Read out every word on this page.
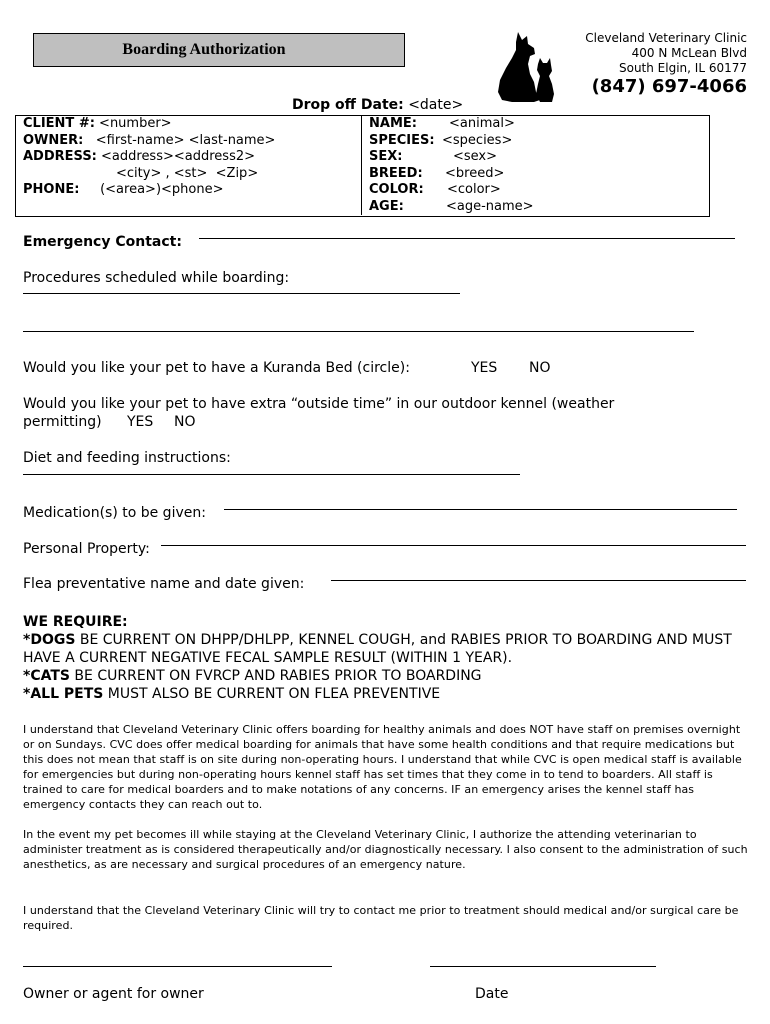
Boarding Authorization
Cleveland Veterinary Clinic
400 N McLean Blvd
South Elgin, IL 60177
(847) 697-4066
Drop off Date: <date>
CLIENT #: <number>
OWNER: <first-name> <last-name>
ADDRESS: <address><address2>
<city> , <st>  <Zip>
PHONE: (<area>)<phone>
NAME: <animal>
SPECIES: <species>
SEX:	<sex>
BREED: <breed>
COLOR: <color>
AGE:	<age-name>
Emergency Contact:
Procedures scheduled while boarding:
Would you like your pet to have a Kuranda Bed (circle):	YES NO
Would you like your pet to have extra “outside time” in our outdoor kennel (weather
permitting) YES NO
Diet and feeding instructions:
Medication(s) to be given:
Personal Property:
Flea preventative name and date given:
WE REQUIRE:
*DOGS BE CURRENT ON DHPP/DHLPP, KENNEL COUGH, and RABIES PRIOR TO BOARDING AND MUST HAVE A CURRENT NEGATIVE FECAL SAMPLE RESULT (WITHIN 1 YEAR).
*CATS BE CURRENT ON FVRCP AND RABIES PRIOR TO BOARDING
*ALL PETS MUST ALSO BE CURRENT ON FLEA PREVENTIVE
I understand that Cleveland Veterinary Clinic offers boarding for healthy animals and does NOT have staff on premises overnight or on Sundays. CVC does offer medical boarding for animals that have some health conditions and that require medications but this does not mean that staff is on site during non-operating hours. I understand that while CVC is open medical staff is available for emergencies but during non-operating hours kennel staff has set times that they come in to tend to boarders. All staff is trained to care for medical boarders and to make notations of any concerns. IF an emergency arises the kennel staff has emergency contacts they can reach out to.
In the event my pet becomes ill while staying at the Cleveland Veterinary Clinic, I authorize the attending veterinarian to administer treatment as is considered therapeutically and/or diagnostically necessary. I also consent to the administration of such anesthetics, as are necessary and surgical procedures of an emergency nature.
I understand that the Cleveland Veterinary Clinic will try to contact me prior to treatment should medical and/or surgical care be required.
Owner or agent for owner	Date
